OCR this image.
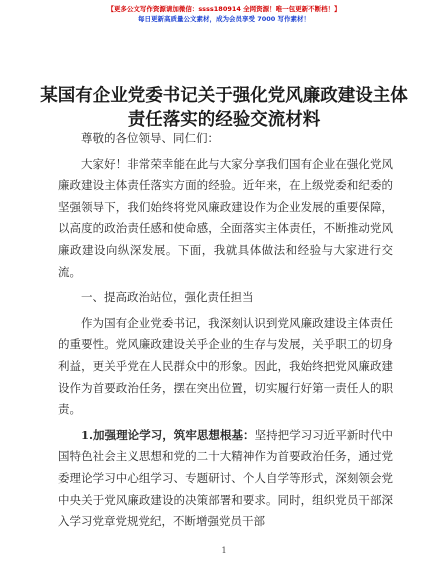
【更多公文写作资源请加微信：ssss180914 全网资源！唯一包更新不断档！】
每日更新高质量公文素材，成为会员享受 7000 写作素材！
某国有企业党委书记关于强化党风廉政建设主体责任落实的经验交流材料

尊敬的各位领导、同仁们：

大家好！非常荣幸能在此与大家分享我们国有企业在强化党风廉政建设主体责任落实方面的经验。近年来，在上级党委和纪委的坚强领导下，我们始终将党风廉政建设作为企业发展的重要保障，以高度的政治责任感和使命感，全面落实主体责任，不断推动党风廉政建设向纵深发展。下面，我就具体做法和经验与大家进行交流。

一、提高政治站位，强化责任担当

作为国有企业党委书记，我深刻认识到党风廉政建设主体责任的重要性。党风廉政建设关乎企业的生存与发展，关乎职工的切身利益，更关乎党在人民群众中的形象。因此，我始终把党风廉政建设作为首要政治任务，摆在突出位置，切实履行好第一责任人的职责。

1.加强理论学习，筑牢思想根基：坚持把学习习近平新时代中国特色社会主义思想和党的二十大精神作为首要政治任务，通过党委理论学习中心组学习、专题研讨、个人自学等形式，深刻领会党中央关于党风廉政建设的决策部署和要求。同时，组织党员干部深入学习党章党规党纪，不断增强党员干部

1
